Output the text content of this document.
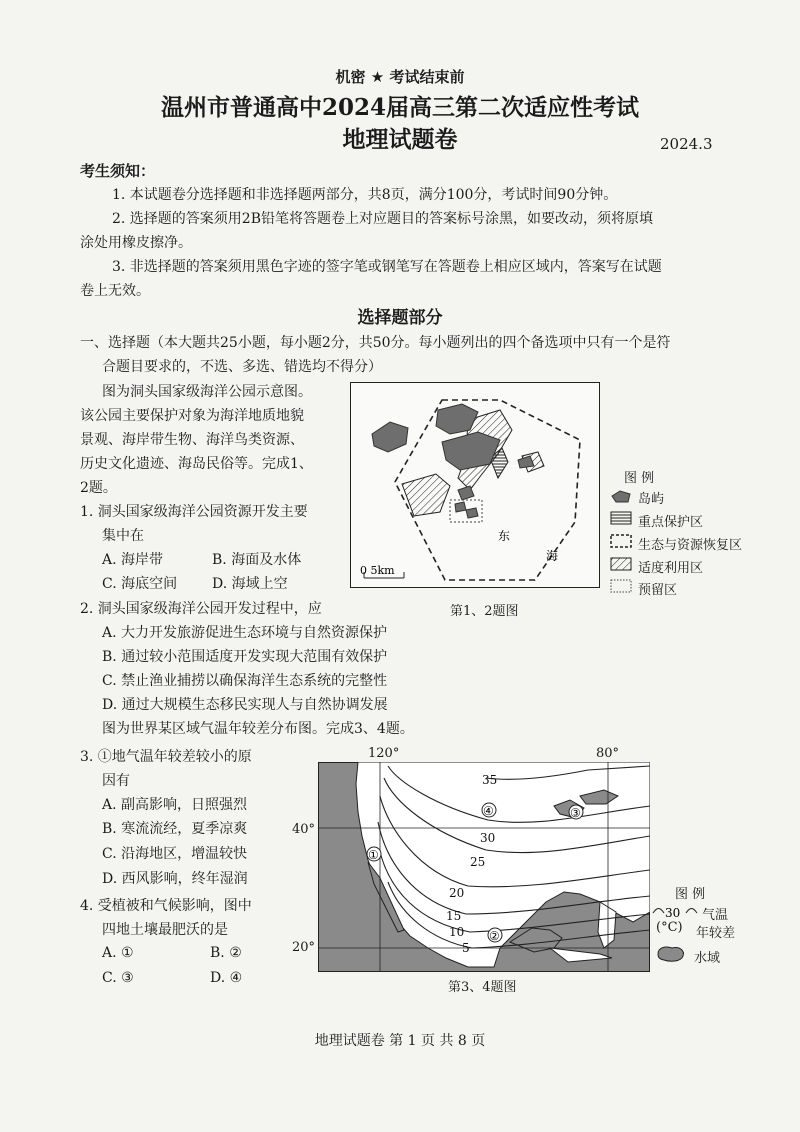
机密 ★ 考试结束前
温州市普通高中2024届高三第二次适应性考试
地理试题卷	2024.3
考生须知：
1. 本试题卷分选择题和非选择题两部分，共8页，满分100分，考试时间90分钟。
2. 选择题的答案须用2B铅笔将答题卷上对应题目的答案标号涂黑，如要改动，须将原填
涂处用橡皮擦净。
3. 非选择题的答案须用黑色字迹的签字笔或钢笔写在答题卷上相应区域内，答案写在试题
卷上无效。
选择题部分
一、选择题（本大题共25小题，每小题2分，共50分。每小题列出的四个备选项中只有一个是符
合题目要求的，不选、多选、错选均不得分）
图为洞头国家级海洋公园示意图。
该公园主要保护对象为海洋地质地貌
景观、海岸带生物、海洋鸟类资源、
历史文化遗迹、海岛民俗等。完成1、
2题。
1. 洞头国家级海洋公园资源开发主要
集中在
A. 海岸带	B. 海面及水体
C. 海底空间 D. 海域上空
东
海
0 5km
图 例
岛屿
重点保护区
生态与资源恢复区
适度利用区
预留区
第1、2题图
2. 洞头国家级海洋公园开发过程中，应
A. 大力开发旅游促进生态环境与自然资源保护
B. 通过较小范围适度开发实现大范围有效保护
C. 禁止渔业捕捞以确保海洋生态系统的完整性
D. 通过大规模生态移民实现人与自然协调发展
图为世界某区域气温年较差分布图。完成3、4题。
3. ①地气温年较差较小的原
因有
A. 副高影响，日照强烈
B. 寒流流经，夏季凉爽
C. 沿海地区，增温较快
D. 西风影响，终年湿润
4. 受植被和气候影响，图中
四地土壤最肥沃的是
A. ①	B. ②
C. ③	D. ④
120°	80°
40°
20°
①
②
③
④
35
30
25
20
15
10
5
第3、4题图
图 例
30
(°C)
气温
年较差
水域
地理试题卷 第 1 页 共 8 页
